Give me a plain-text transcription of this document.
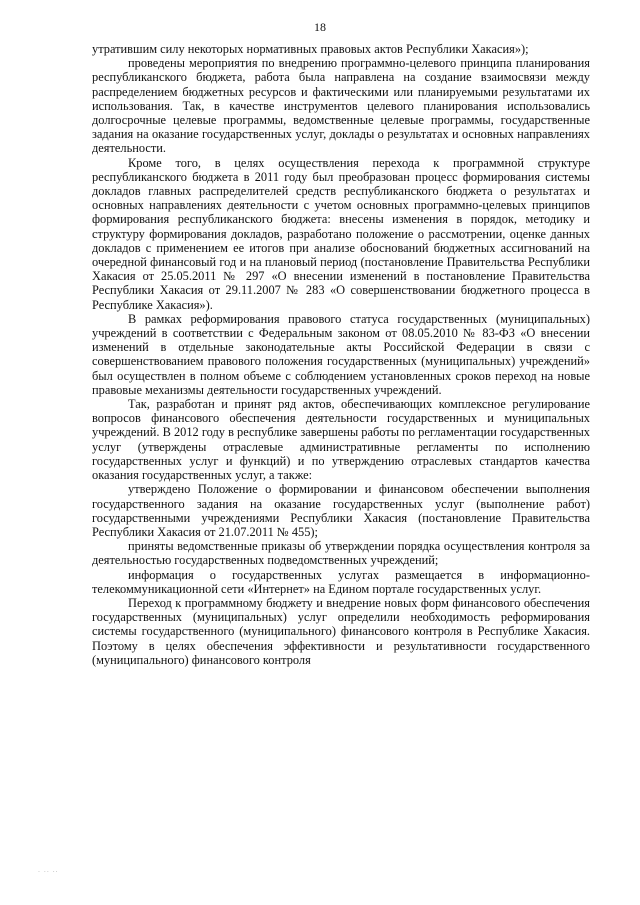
18

утратившим силу некоторых нормативных правовых актов Республики Хакасия»);

проведены мероприятия по внедрению программно-целевого принципа планирования республиканского бюджета, работа была направлена на создание взаимосвязи между распределением бюджетных ресурсов и фактическими или планируемыми результатами их использования. Так, в качестве инструментов целевого планирования использовались долгосрочные целевые программы, ведомственные целевые программы, государственные задания на оказание государственных услуг, доклады о результатах и основных направлениях деятельности.

Кроме того, в целях осуществления перехода к программной структуре республиканского бюджета в 2011 году был преобразован процесс формирования системы докладов главных распределителей средств республиканского бюджета о результатах и основных направлениях деятельности с учетом основных программно-целевых принципов формирования республиканского бюджета: внесены изменения в порядок, методику и структуру формирования докладов, разработано положение о рассмотрении, оценке данных докладов с применением ее итогов при анализе обоснований бюджетных ассигнований на очередной финансовый год и на плановый период (постановление Правительства Республики Хакасия от 25.05.2011 № 297 «О внесении изменений в постановление Правительства Республики Хакасия от 29.11.2007 № 283 «О совершенствовании бюджетного процесса в Республике Хакасия»).

В рамках реформирования правового статуса государственных (муниципальных) учреждений в соответствии с Федеральным законом от 08.05.2010 № 83-ФЗ «О внесении изменений в отдельные законодательные акты Российской Федерации в связи с совершенствованием правового положения государственных (муниципальных) учреждений» был осуществлен в полном объеме с соблюдением установленных сроков переход на новые правовые механизмы деятельности государственных учреждений.

Так, разработан и принят ряд актов, обеспечивающих комплексное регулирование вопросов финансового обеспечения деятельности государственных и муниципальных учреждений. В 2012 году в республике завершены работы по регламентации государственных услуг (утверждены отраслевые административные регламенты по исполнению государственных услуг и функций) и по утверждению отраслевых стандартов качества оказания государственных услуг, а также:

утверждено Положение о формировании и финансовом обеспечении выполнения государственного задания на оказание государственных услуг (выполнение работ) государственными учреждениями Республики Хакасия (постановление Правительства Республики Хакасия от 21.07.2011 № 455);

приняты ведомственные приказы об утверждении порядка осуществления контроля за деятельностью государственных подведомственных учреждений;

информация о государственных услугах размещается в информационно-телекоммуникационной сети «Интернет» на Едином портале государственных услуг.

Переход к программному бюджету и внедрение новых форм финансового обеспечения государственных (муниципальных) услуг определили необходимость реформирования системы государственного (муниципального) финансового контроля в Республике Хакасия. Поэтому в целях обеспечения эффективности и результативности государственного (муниципального) финансового контроля

. .. ..
